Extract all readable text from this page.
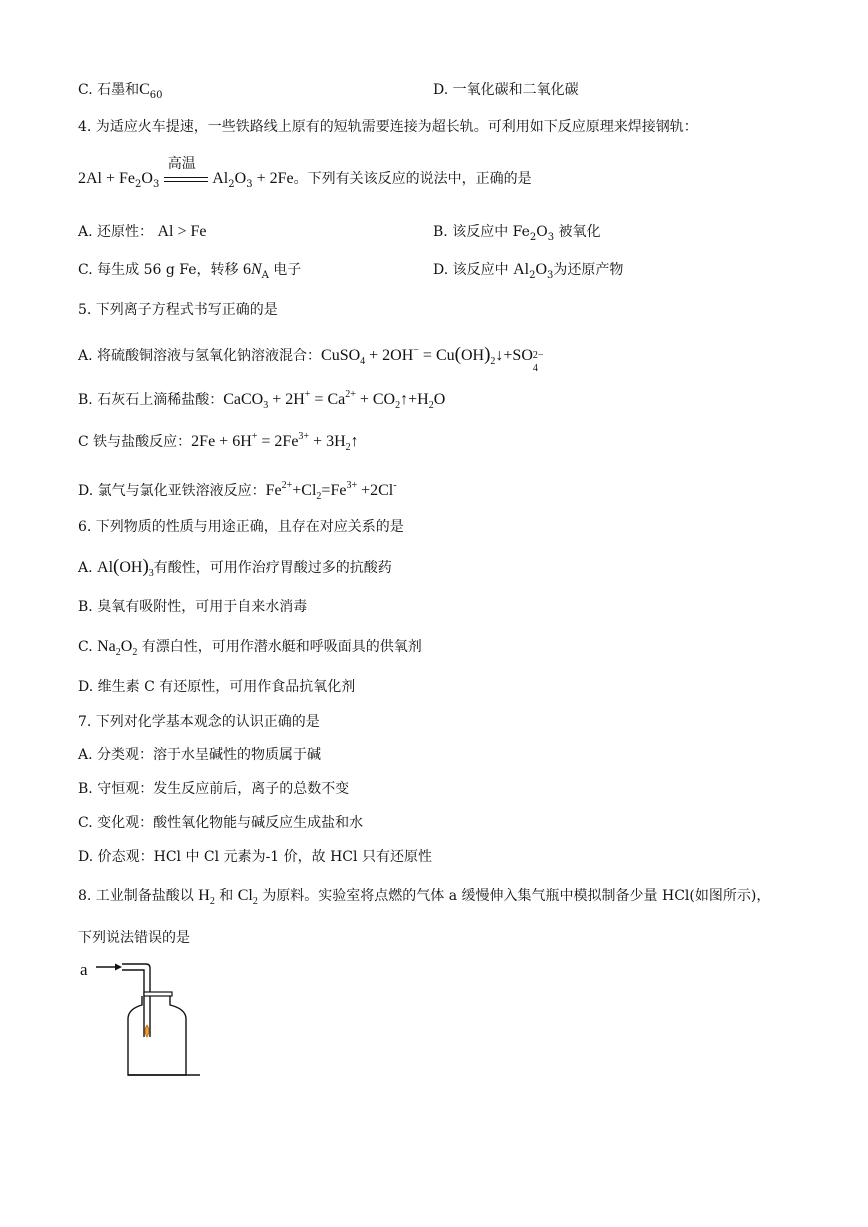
C. 石墨和$C_{60}$	D. 一氧化碳和二氧化碳
4. 为适应火车提速，一些铁路线上原有的短轨需要连接为超长轨。可利用如下反应原理来焊接钢轨：
$2Al + Fe_2O_3$
高温
$Al_2O_3 + 2Fe$。下列有关该反应的说法中，正确的是
A. 还原性： Al > Fe	B. 该反应中 $Fe_2O_3$ 被氧化
C. 每生成 56 g Fe，转移 $6N_A$ 电子	D. 该反应中 $Al_2O_3$为还原产物
5. 下列离子方程式书写正确的是
A. 将硫酸铜溶液与氢氧化钠溶液混合：CuSO$_4$ + $2OH^- = Cu(OH)_2↓+SO$ 2−
4
B. 石灰石上滴稀盐酸：CaCO$_3$ + $2H^+ = Ca^{2+}$ + $CO_2↑+H_2O$
C 铁与盐酸反应：$2Fe + 6H^+ = 2Fe^{3+}$ + $3H_2↑$
D. 氯气与氯化亚铁溶液反应：$Fe^{2+}+Cl_2=Fe^{3+} +2Cl^-$
6. 下列物质的性质与用途正确，且存在对应关系的是
A. $Al(OH)_3$有酸性，可用作治疗胃酸过多的抗酸药
B. 臭氧有吸附性，可用于自来水消毒
C. $Na_2O_2$ 有漂白性，可用作潜水艇和呼吸面具的供氧剂
D. 维生素 C 有还原性，可用作食品抗氧化剂
7. 下列对化学基本观念的认识正确的是
A. 分类观：溶于水呈碱性的物质属于碱
B. 守恒观：发生反应前后，离子的总数不变
C. 变化观：酸性氧化物能与碱反应生成盐和水
D. 价态观：HCl 中 Cl 元素为-1 价，故 HCl 只有还原性
8. 工业制备盐酸以 $H_2$ 和 $Cl_2$ 为原料。实验室将点燃的气体 a 缓慢伸入集气瓶中模拟制备少量 HCl(如图所示)，
下列说法错误的是
a
